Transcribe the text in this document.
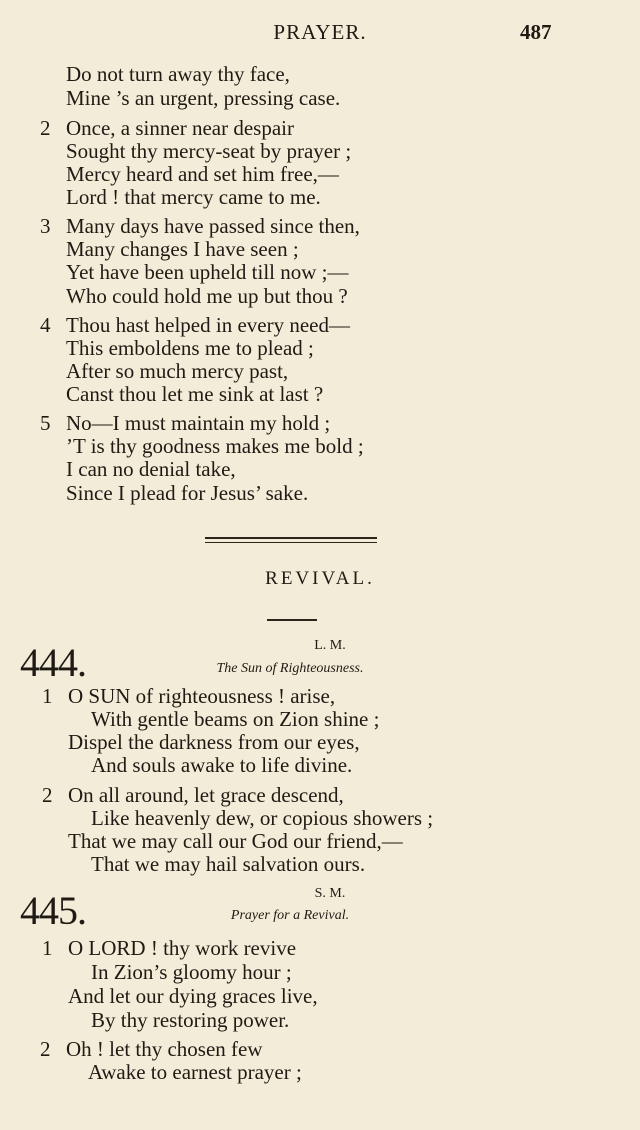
PRAYER.	487
Do not turn away thy face,
Mine ’s an urgent, pressing case.
2 Once, a sinner near despair
Sought thy mercy-seat by prayer ;
Mercy heard and set him free,—
Lord ! that mercy came to me.
3 Many days have passed since then,
Many changes I have seen ;
Yet have been upheld till now ;—
Who could hold me up but thou ?
4 Thou hast helped in every need—
This emboldens me to plead ;
After so much mercy past,
Canst thou let me sink at last ?
5 No—I must maintain my hold ;
’T is thy goodness makes me bold ;
I can no denial take,
Since I plead for Jesus’ sake.
REVIVAL.
L. M.
444.	The Sun of Righteousness.
1 O SUN of righteousness ! arise,
With gentle beams on Zion shine ;
Dispel the darkness from our eyes,
And souls awake to life divine.
2 On all around, let grace descend,
Like heavenly dew, or copious showers ;
That we may call our God our friend,—
That we may hail salvation ours.
S. M.
445.	Prayer for a Revival.
1 O LORD ! thy work revive
In Zion’s gloomy hour ;
And let our dying graces live,
By thy restoring power.
2 Oh ! let thy chosen few
Awake to earnest prayer ;
